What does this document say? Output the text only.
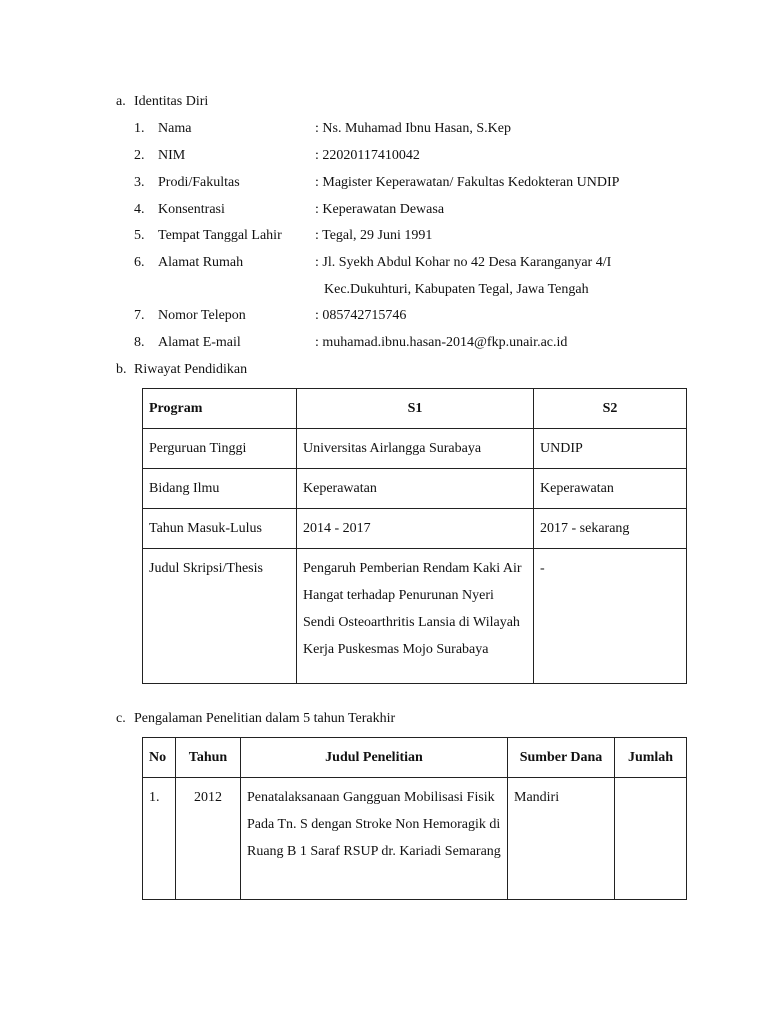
a. Identitas Diri
1. Nama	: Ns. Muhamad Ibnu Hasan, S.Kep
2. NIM	: 22020117410042
3. Prodi/Fakultas	: Magister Keperawatan/ Fakultas Kedokteran UNDIP
4. Konsentrasi	: Keperawatan Dewasa
5. Tempat Tanggal Lahir : Tegal, 29 Juni 1991
6. Alamat Rumah	: Jl. Syekh Abdul Kohar no 42 Desa Karanganyar 4/I
Kec.Dukuhturi, Kabupaten Tegal, Jawa Tengah
7. Nomor Telepon	: 085742715746
8. Alamat E-mail	: muhamad.ibnu.hasan-2014@fkp.unair.ac.id
b. Riwayat Pendidikan
Program	S1	S2
Perguruan Tinggi	Universitas Airlangga Surabaya	UNDIP
Bidang Ilmu	Keperawatan	Keperawatan
Tahun Masuk-Lulus	2014 - 2017	2017 - sekarang
Judul Skripsi/Thesis	Pengaruh Pemberian Rendam Kaki Air Hangat terhadap Penurunan Nyeri Sendi Osteoarthritis Lansia di Wilayah Kerja Puskesmas Mojo Surabaya	-
c. Pengalaman Penelitian dalam 5 tahun Terakhir
No	Tahun	Judul Penelitian	Sumber Dana	Jumlah
1.	2012	Penatalaksanaan Gangguan Mobilisasi Fisik Pada Tn. S dengan Stroke Non Hemoragik di Ruang B 1 Saraf RSUP dr. Kariadi Semarang	Mandiri	
